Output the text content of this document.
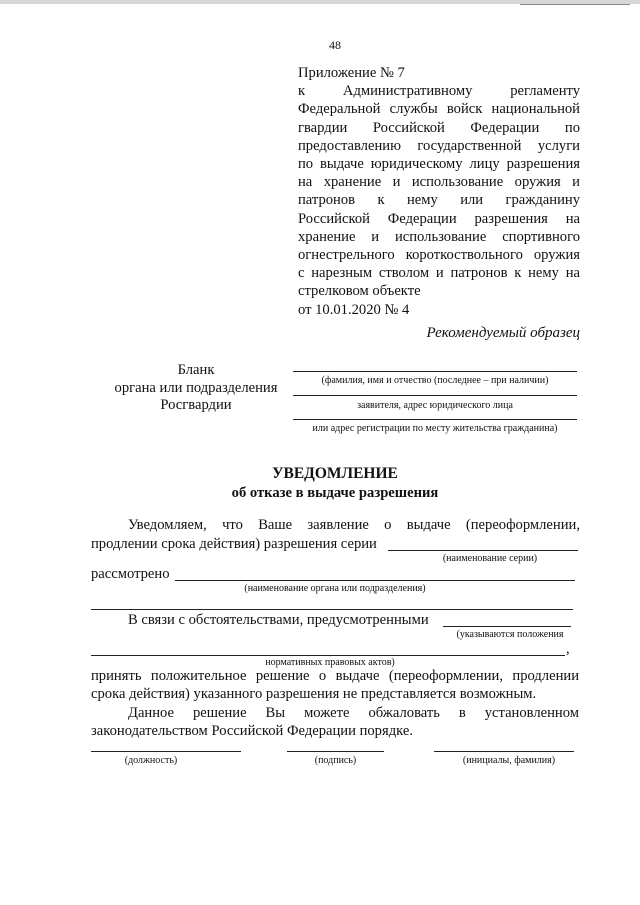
48

Приложение № 7

к Административному регламенту

Федеральной службы войск национальной

гвардии Российской Федерации по

предоставлению государственной услуги

по выдаче юридическому лицу разрешения

на хранение и использование оружия и

патронов к нему или гражданину

Российской Федерации разрешения на

хранение и использование спортивного

огнестрельного короткоствольного оружия

с нарезным стволом и патронов к нему на

стрелковом объекте

от 10.01.2020 № 4

Рекомендуемый образец
Бланк
органа или подразделения
Росгвардии
(фамилия, имя и отчество (последнее – при наличии)
заявителя, адрес юридического лица
или адрес регистрации по месту жительства гражданина)
УВЕДОМЛЕНИЕ
об отказе в выдаче разрешения
Уведомляем, что Ваше заявление о выдаче (переоформлении,
продлении срока действия) разрешения серии
(наименование серии)
рассмотрено
(наименование органа или подразделения)
В связи с обстоятельствами, предусмотренными
(указываются положения
,
нормативных правовых актов)
принять положительное решение о выдаче (переоформлении, продлении
срока действия) указанного разрешения не представляется возможным.
Данное решение Вы можете обжаловать в установленном
законодательством Российской Федерации порядке.
(должность)	(подпись)	(инициалы, фамилия)
